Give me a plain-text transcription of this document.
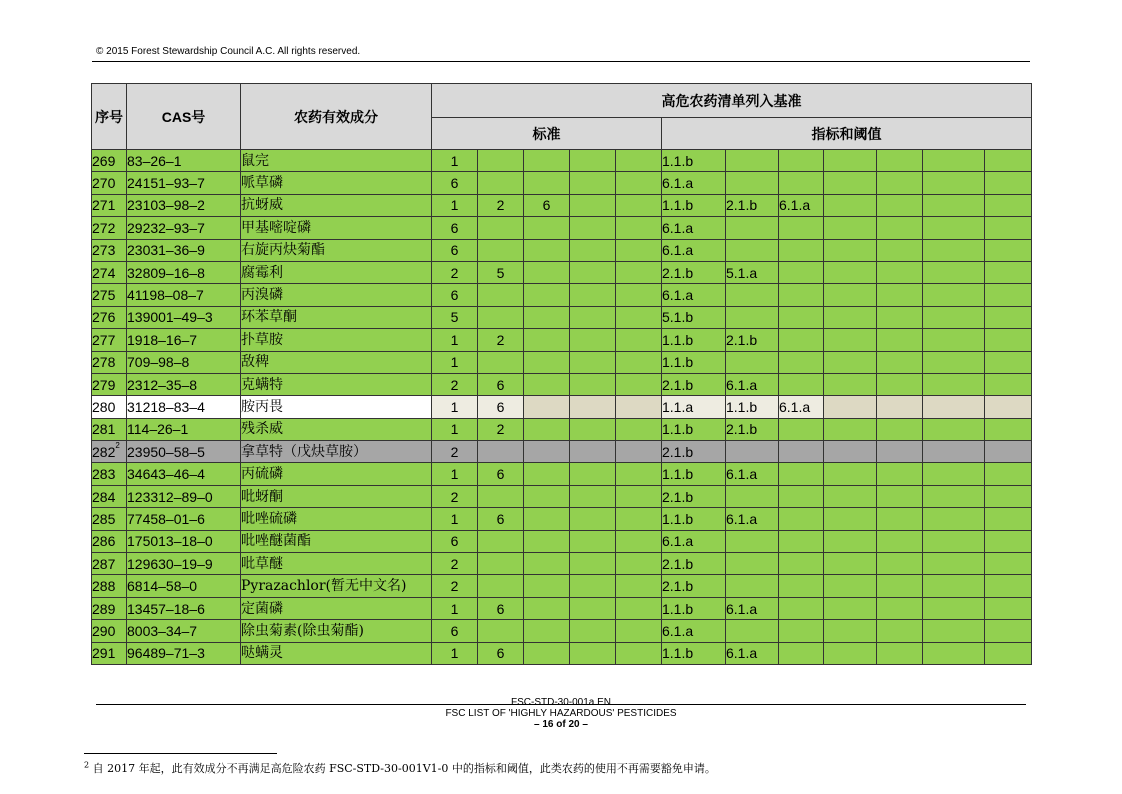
© 2015 Forest Stewardship Council A.C. All rights reserved.
序号	CAS号	农药有效成分	高危农药清单列入基准											
			标准					指标和阈值						
269	83–26–1	鼠完	1					1.1.b						
270	24151–93–7	哌草磷	6					6.1.a						
271	23103–98–2	抗蚜威	1	2	6			1.1.b	2.1.b	6.1.a				
272	29232–93–7	甲基嘧啶磷	6					6.1.a						
273	23031–36–9	右旋丙炔菊酯	6					6.1.a						
274	32809–16–8	腐霉利	2	5				2.1.b	5.1.a					
275	41198–08–7	丙溴磷	6					6.1.a						
276	139001–49–3	环苯草酮	5					5.1.b						
277	1918–16–7	扑草胺	1	2				1.1.b	2.1.b					
278	709–98–8	敌稗	1					1.1.b						
279	2312–35–8	克螨特	2	6				2.1.b	6.1.a					
280	31218–83–4	胺丙畏	1	6				1.1.a	1.1.b	6.1.a				
281	114–26–1	残杀威	1	2				1.1.b	2.1.b					
$282^2$	23950–58–5	拿草特（戊炔草胺）	2					2.1.b						
283	34643–46–4	丙硫磷	1	6				1.1.b	6.1.a					
284	123312–89–0	吡蚜酮	2					2.1.b						
285	77458–01–6	吡唑硫磷	1	6				1.1.b	6.1.a					
286	175013–18–0	吡唑醚菌酯	6					6.1.a						
287	129630–19–9	吡草醚	2					2.1.b						
288	6814–58–0	Pyrazachlor(暂无中文名)	2					2.1.b						
289	13457–18–6	定菌磷	1	6				1.1.b	6.1.a					
290	8003–34–7	除虫菊素(除虫菊酯)	6					6.1.a						
291	96489–71–3	哒螨灵	1	6				1.1.b	6.1.a					
FSC-STD-30-001a EN
FSC LIST OF 'HIGHLY HAZARDOUS' PESTICIDES
– 16 of 20 –
$^2$ 自 2017 年起，此有效成分不再满足高危险农药 FSC-STD-30-001V1-0 中的指标和阈值，此类农药的使用不再需要豁免申请。
